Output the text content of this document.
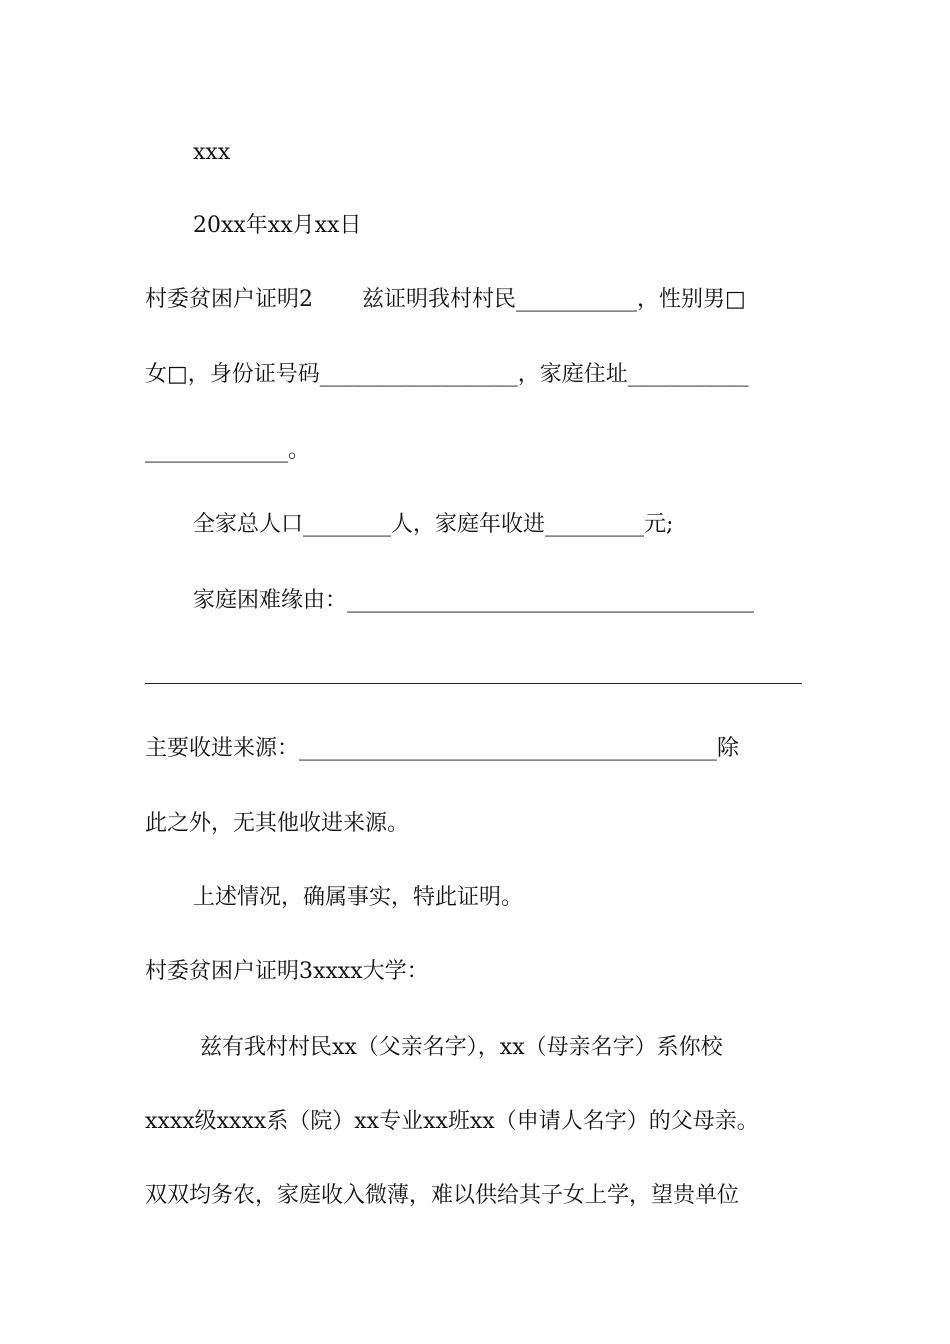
xxx
20xx年xx月xx日
村委贫困户证明2       兹证明我村村民___________，性别男□
女□，身份证号码__________________，家庭住址___________
_____________。
全家总人口________人，家庭年收进_________元;
家庭困难缘由：_____________________________________
主要收进来源：______________________________________除
此之外，无其他收进来源。
上述情况，确属事实，特此证明。
村委贫困户证明3xxxx大学：
兹有我村村民xx（父亲名字），xx（母亲名字）系你校
xxxx级xxxx系（院）xx专业xx班xx（申请人名字）的父母亲。
双双均务农，家庭收入微薄，难以供给其子女上学，望贵单位
